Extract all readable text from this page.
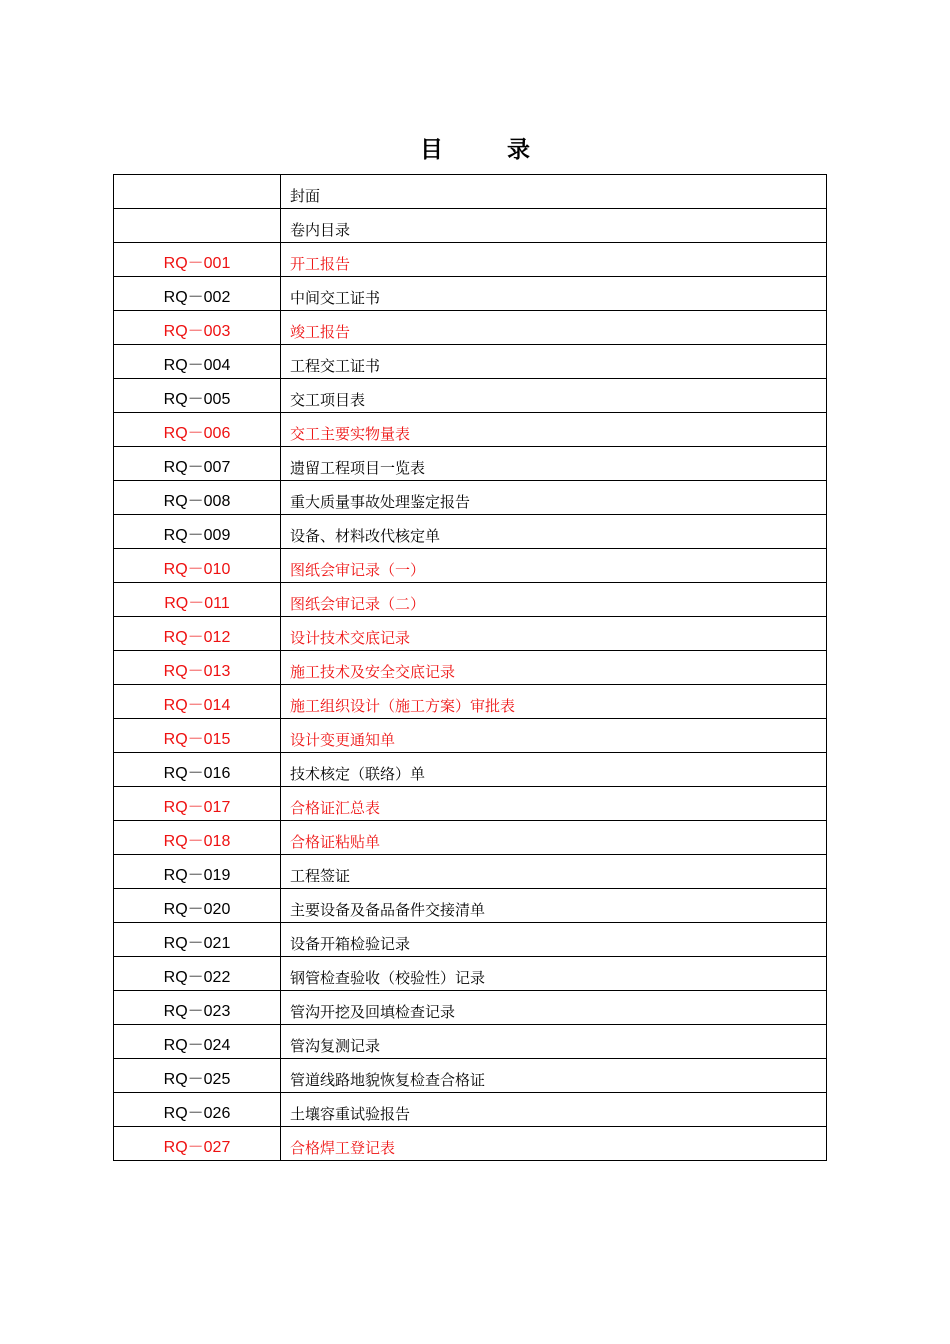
目	录
	封面
	卷内目录
RQ－001	开工报告
RQ－002	中间交工证书
RQ－003	竣工报告
RQ－004	工程交工证书
RQ－005	交工项目表
RQ－006	交工主要实物量表
RQ－007	遗留工程项目一览表
RQ－008	重大质量事故处理鉴定报告
RQ－009	设备、材料改代核定单
RQ－010	图纸会审记录（一）
RQ－011	图纸会审记录（二）
RQ－012	设计技术交底记录
RQ－013	施工技术及安全交底记录
RQ－014	施工组织设计（施工方案）审批表
RQ－015	设计变更通知单
RQ－016	技术核定（联络）单
RQ－017	合格证汇总表
RQ－018	合格证粘贴单
RQ－019	工程签证
RQ－020	主要设备及备品备件交接清单
RQ－021	设备开箱检验记录
RQ－022	钢管检查验收（校验性）记录
RQ－023	管沟开挖及回填检查记录
RQ－024	管沟复测记录
RQ－025	管道线路地貌恢复检查合格证
RQ－026	土壤容重试验报告
RQ－027	合格焊工登记表
